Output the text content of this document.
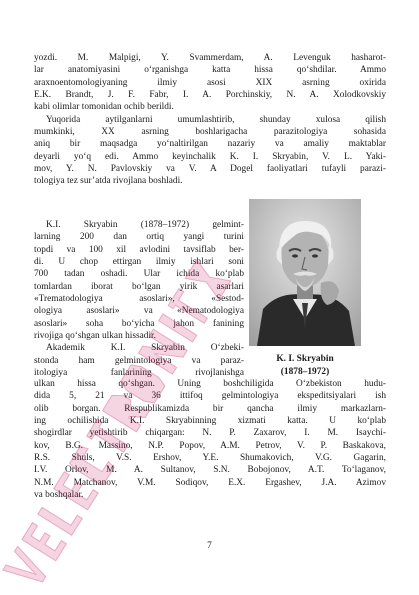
yozdi. M. Malpigi, Y. Svammerdam, A. Levenguk hasharot-
lar anatomiyasini o‘rganishga katta hissa qo‘shdilar. Ammo
araxnoentomologiyaning ilmiy asosi XIX asrning oxirida
E.K. Brandt, J. F. Fabr, I. A. Porchinskiy, N. A. Xolodkovskiy
kabi olimlar tomonidan ochib berildi.
Yuqorida aytilganlarni umumlashtirib, shunday xulosa qilish
mumkinki, XX asrning boshlarigacha parazitologiya sohasida
aniq bir maqsadga yo‘naltirilgan nazariy va amaliy maktablar
deyarli yo‘q edi. Ammo keyinchalik K. I. Skryabin, V. L. Yaki-
mov, Y. N. Pavlovskiy va V. A Dogel faoliyatlari tufayli parazi-
tologiya tez sur’atda rivojlana boshladi.
K.I. Skryabin (1878–1972) gelmint-
larning 200 dan ortiq yangi turini
topdi va 100 xil avlodini tavsiflab ber-
di. U chop ettirgan ilmiy ishlari soni
700 tadan oshadi. Ular ichida ko‘plab
tomlardan iborat bo‘lgan yirik asarlari
«Trematodologiya asoslari», «Sestod-
ologiya asoslari» va «Nematodologiya
asoslari» soha bo‘yicha jahon fanining
rivojiga qo‘shgan ulkan hissadir.
Akademik K.I. Skryabin O‘zbeki-
stonda ham gelmintologiya va paraz-
itologiya fanlarining rivojlanishga
K. I. Skryabin
(1878–1972)
ulkan hissa qo‘shgan. Uning boshchiligida O‘zbekiston hudu-
dida 5, 21 va 36 ittifoq gelmintologiya ekspeditsiyalari ish
olib borgan. Respublikamizda bir qancha ilmiy markazlarn-
ing ochilishida K.I. Skryabinning xizmati katta. U ko‘plab
shogirdlar yetishtirib chiqargan: N. P. Zaxarov, I. M. Isaychi-
kov, B.G. Massino, N.P. Popov, A.M. Petrov, V. P. Baskakova,
R.S. Shuls, V.S. Ershov, Y.E. Shumakovich, V.G. Gagarin,
I.V. Orlov, M. A. Sultanov, S.N. Bobojonov, A.T. To‘laganov,
N.M. Matchanov, V.M. Sodiqov, E.X. Ergashev, J.A. Azimov
va boshqalar.
7
